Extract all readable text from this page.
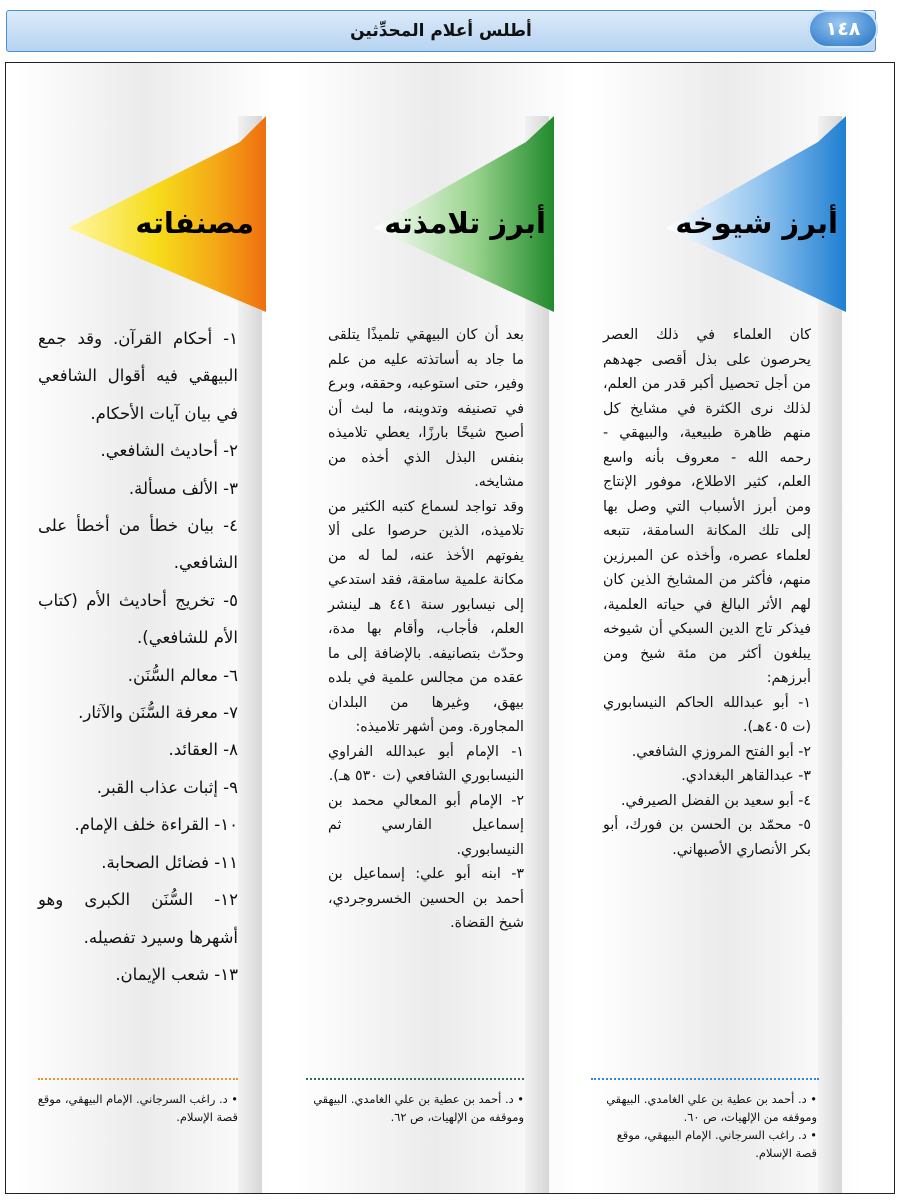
أطلس أعلام المحدِّثين	١٤٨
أبرز شيوخه

كان العلماء في ذلك العصر يحرصون على بذل أقصى جهدهم من أجل تحصيل أكبر قدر من العلم، لذلك نرى الكثرة في مشايخ كل منهم ظاهرة طبيعية، والبيهقي - رحمه الله - معروف بأنه واسع العلم، كثير الاطلاع، موفور الإنتاج ومن أبرز الأسباب التي وصل بها إلى تلك المكانة السامقة، تتبعه لعلماء عصره، وأخذه عن المبرزين منهم، فأكثر من المشايخ الذين كان لهم الأثر البالغ في حياته العلمية، فيذكر تاج الدين السبكي أن شيوخه يبلغون أكثر من مئة شيخ ومن أبرزهم:

١- أبو عبدالله الحاكم النيسابوري (ت ٤٠٥هـ).

٢- أبو الفتح المروزي الشافعي.

٣- عبدالقاهر البغدادي.

٤- أبو سعيد بن الفضل الصيرفي.

٥- محمّد بن الحسن بن فورك، أبو بكر الأنصاري الأصبهاني.

• د. أحمد بن عطية بن علي الغامدي. البيهقي وموقفه من الإلهيات، ص ٦٠.

• د. راغب السرجاني. الإمام البيهقي، موقع قصة الإسلام.

أبرز تلامذته

بعد أن كان البيهقي تلميذًا يتلقى ما جاد به أساتذته عليه من علم وفير، حتى استوعبه، وحققه، وبرع في تصنيفه وتدوينه، ما لبث أن أصبح شيخًا بارزًا، يعطي تلاميذه بنفس البذل الذي أخذه من مشايخه.

وقد تواجد لسماع كتبه الكثير من تلاميذه، الذين حرصوا على ألا يفوتهم الأخذ عنه، لما له من مكانة علمية سامقة، فقد استدعي إلى نيسابور سنة ٤٤١ هـ لينشر العلم، فأجاب، وأقام بها مدة، وحدّث بتصانيفه. بالإضافة إلى ما عقده من مجالس علمية في بلده بيهق، وغيرها من البلدان المجاورة. ومن أشهر تلاميذه:

١- الإمام أبو عبدالله الفراوي النيسابوري الشافعي (ت ٥٣٠ هـ).

٢- الإمام أبو المعالي محمد بن إسماعيل الفارسي ثم النيسابوري.

٣- ابنه أبو علي: إسماعيل بن أحمد بن الحسين الخسروجردي، شيخ القضاة.

• د. أحمد بن عطية بن علي الغامدي. البيهقي وموقفه من الإلهيات، ص ٦٢.

مصنفاته

١- أحكام القرآن. وقد جمع البيهقي فيه أقوال الشافعي في بيان آيات الأحكام.

٢- أحاديث الشافعي.

٣- الألف مسألة.

٤- بيان خطأ من أخطأ على الشافعي.

٥- تخريج أحاديث الأم (كتاب الأم للشافعي).

٦- معالم السُّنَن.

٧- معرفة السُّنَن والآثار.

٨- العقائد.

٩- إثبات عذاب القبر.

١٠- القراءة خلف الإمام.

١١- فضائل الصحابة.

١٢- السُّنَن الكبرى وهو أشهرها وسيرد تفصيله.

١٣- شعب الإيمان.

• د. راغب السرجاني. الإمام البيهقي، موقع قصة الإسلام.
